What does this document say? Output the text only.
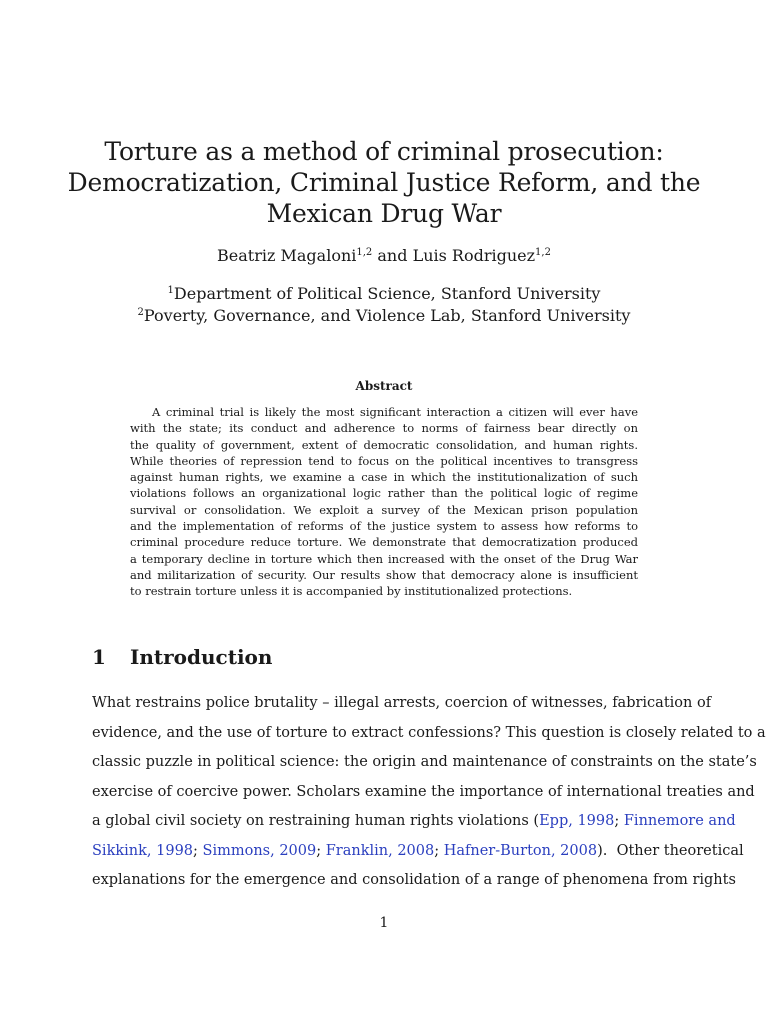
Torture as a method of criminal prosecution:
Democratization, Criminal Justice Reform, and the
Mexican Drug War
Beatriz Magaloni$^{1,2}$ and Luis Rodriguez$^{1,2}$
$^1$Department of Political Science, Stanford University
$^2$Poverty, Governance, and Violence Lab, Stanford University
Abstract
A criminal trial is likely the most significant interaction a citizen will ever have
with the state; its conduct and adherence to norms of fairness bear directly on
the quality of government, extent of democratic consolidation, and human rights.
While theories of repression tend to focus on the political incentives to transgress
against human rights, we examine a case in which the institutionalization of such
violations follows an organizational logic rather than the political logic of regime
survival or consolidation. We exploit a survey of the Mexican prison population
and the implementation of reforms of the justice system to assess how reforms to
criminal procedure reduce torture. We demonstrate that democratization produced
a temporary decline in torture which then increased with the onset of the Drug War
and militarization of security. Our results show that democracy alone is insufficient
to restrain torture unless it is accompanied by institutionalized protections.
1 Introduction
What restrains police brutality – illegal arrests, coercion of witnesses, fabrication of
evidence, and the use of torture to extract confessions? This question is closely related to a
classic puzzle in political science: the origin and maintenance of constraints on the state’s
exercise of coercive power. Scholars examine the importance of international treaties and
a global civil society on restraining human rights violations (Epp, 1998; Finnemore and
Sikkink, 1998; Simmons, 2009; Franklin, 2008; Hafner-Burton, 2008).  Other theoretical
explanations for the emergence and consolidation of a range of phenomena from rights
1
